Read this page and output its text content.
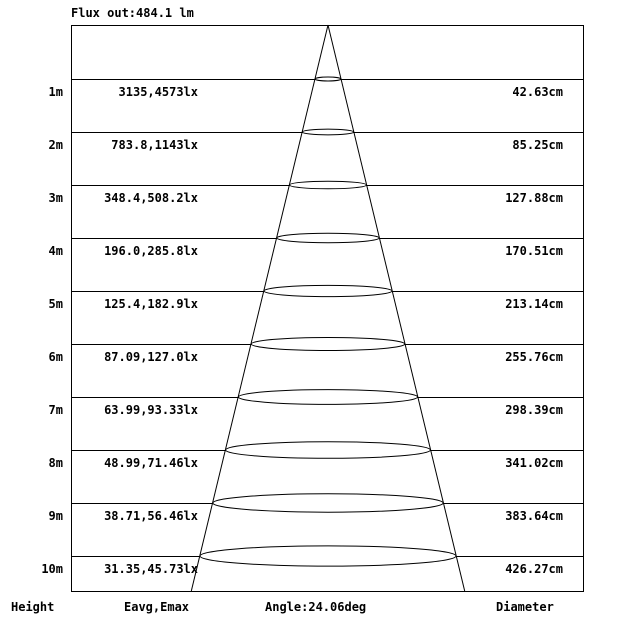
Flux out:484.1 lm
1m	3135,4573lx	42.63cm
2m	783.8,1143lx	85.25cm
3m	348.4,508.2lx	127.88cm
4m	196.0,285.8lx	170.51cm
5m	125.4,182.9lx	213.14cm
6m	87.09,127.0lx	255.76cm
7m	63.99,93.33lx	298.39cm
8m	48.99,71.46lx	341.02cm
9m	38.71,56.46lx	383.64cm
10m	31.35,45.73lx	426.27cm
Height	Eavg,Emax	Angle:24.06deg	Diameter
